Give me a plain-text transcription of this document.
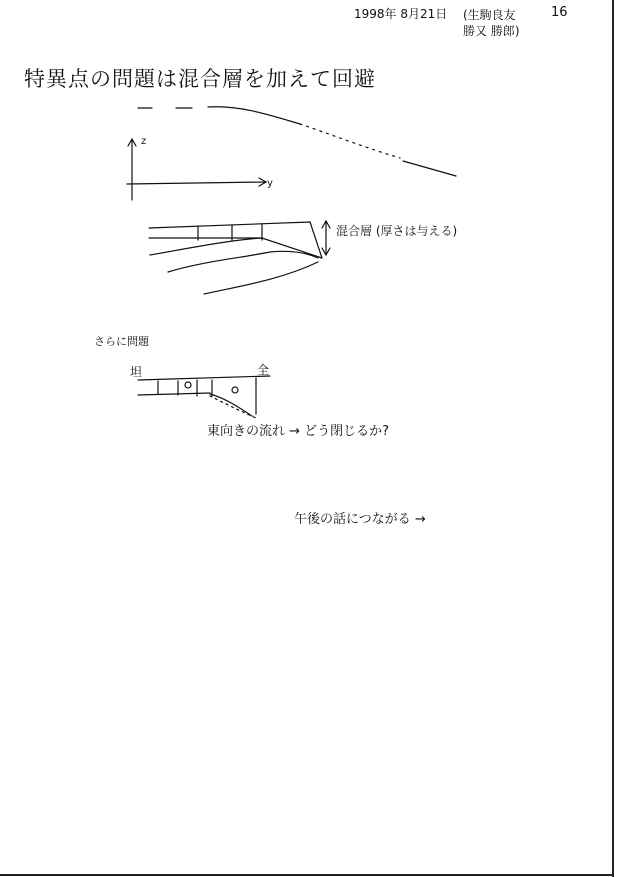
1998年 8月21日 (生駒良友
勝又 勝郎)
16
特異点の問題は混合層を加えて回避
z
y
混合層 (厚さは与える)
さらに問題
坦	全
東向きの流れ → どう閉じるか?
午後の話につながる →
